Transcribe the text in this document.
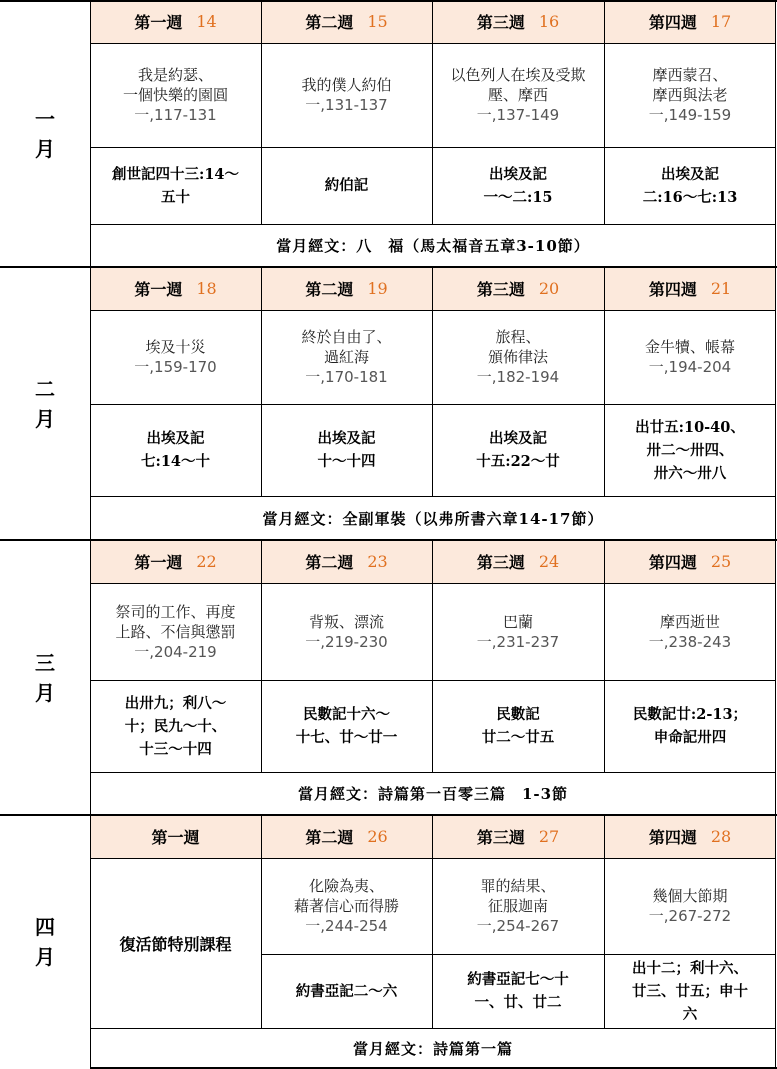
一
月
第一週 14
我是約瑟、
一個快樂的園圓
一,117-131
創世記四十三:14～
五十
第二週 15
我的僕人約伯
一,131-137
約伯記
第三週 16
以色列人在埃及受欺
壓、摩西
一,137-149
出埃及記
一～二:15
第四週 17
摩西蒙召、
摩西與法老
一,149-159
出埃及記
二:16～七:13
當月經文：八　福（馬太福音五章3-10節）
二
月
第一週 18
埃及十災
一,159-170
出埃及記
七:14～十
第二週 19
終於自由了、
過紅海
一,170-181
出埃及記
十～十四
第三週 20
旅程、
頒佈律法
一,182-194
出埃及記
十五:22～廿
第四週 21
金牛犢、帳幕
一,194-204
出廿五:10-40、
卅二～卅四、
卅六～卅八
當月經文：全副軍裝（以弗所書六章14-17節）
三
月
第一週 22
祭司的工作、再度
上路、不信與懲罰
一,204-219
出卅九；利八～
十；民九～十、
十三～十四
第二週 23
背叛、漂流
一,219-230
民數記十六～
十七、廿～廿一
第三週 24
巴蘭
一,231-237
民數記
廿二～廿五
第四週 25
摩西逝世
一,238-243
民數記廿:2-13；
申命記卅四
當月經文：詩篇第一百零三篇　1-3節
四
月
第一週
復活節特別課程
第二週 26
化險為夷、
藉著信心而得勝
一,244-254
約書亞記二～六
第三週 27
罪的結果、
征服迦南
一,254-267
約書亞記七～十
一、廿、廿二
第四週 28
幾個大節期
一,267-272
出十二；利十六、
廿三、廿五；申十
六
當月經文：詩篇第一篇
